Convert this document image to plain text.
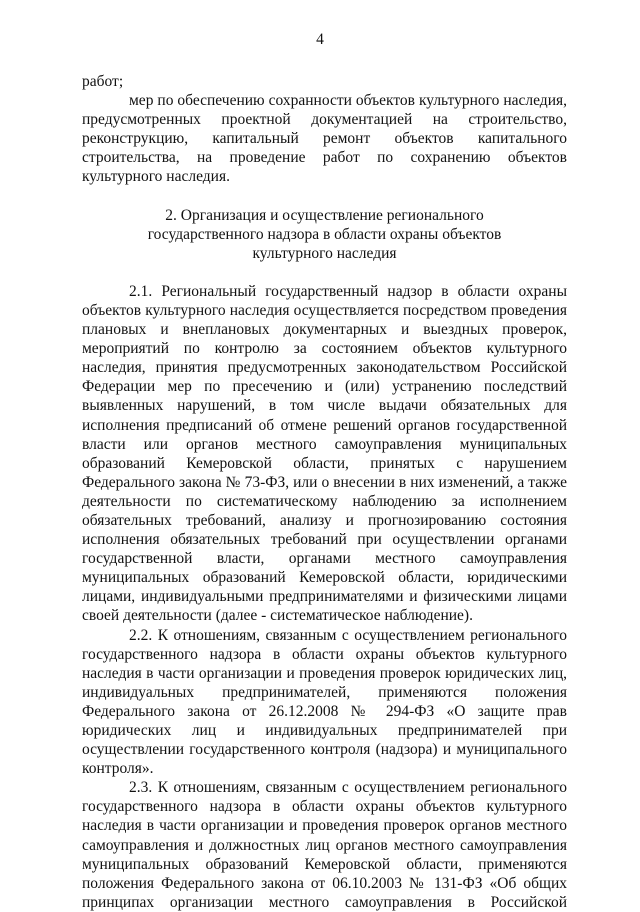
4

работ;

мер по обеспечению сохранности объектов культурного наследия, предусмотренных проектной документацией на строительство, реконструкцию, капитальный ремонт объектов капитального строительства, на проведение работ по сохранению объектов культурного наследия.

2. Организация и осуществление регионального

государственного надзора в области охраны объектов

культурного наследия

2.1. Региональный государственный надзор в области охраны объектов культурного наследия осуществляется посредством проведения плановых и внеплановых документарных и выездных проверок, мероприятий по контролю за состоянием объектов культурного наследия, принятия предусмотренных законодательством Российской Федерации мер по пресечению и (или) устранению последствий выявленных нарушений, в том числе выдачи обязательных для исполнения предписаний об отмене решений органов государственной власти или органов местного самоуправления муниципальных образований Кемеровской области, принятых с нарушением Федерального закона № 73-ФЗ, или о внесении в них изменений, а также деятельности по систематическому наблюдению за исполнением обязательных требований, анализу и прогнозированию состояния исполнения обязательных требований при осуществлении органами государственной власти, органами местного самоуправления муниципальных образований Кемеровской области, юридическими лицами, индивидуальными предпринимателями и физическими лицами своей деятельности (далее - систематическое наблюдение).

2.2. К отношениям, связанным с осуществлением регионального государственного надзора в области охраны объектов культурного наследия в части организации и проведения проверок юридических лиц, индивидуальных предпринимателей, применяются положения Федерального закона от 26.12.2008 № 294-ФЗ «О защите прав юридических лиц и индивидуальных предпринимателей при осуществлении государственного контроля (надзора) и муниципального контроля».

2.3. К отношениям, связанным с осуществлением регионального государственного надзора в области охраны объектов культурного наследия в части организации и проведения проверок органов местного самоуправления и должностных лиц органов местного самоуправления муниципальных образований Кемеровской области, применяются положения Федерального закона от 06.10.2003 № 131-ФЗ «Об общих принципах организации местного самоуправления в Российской
